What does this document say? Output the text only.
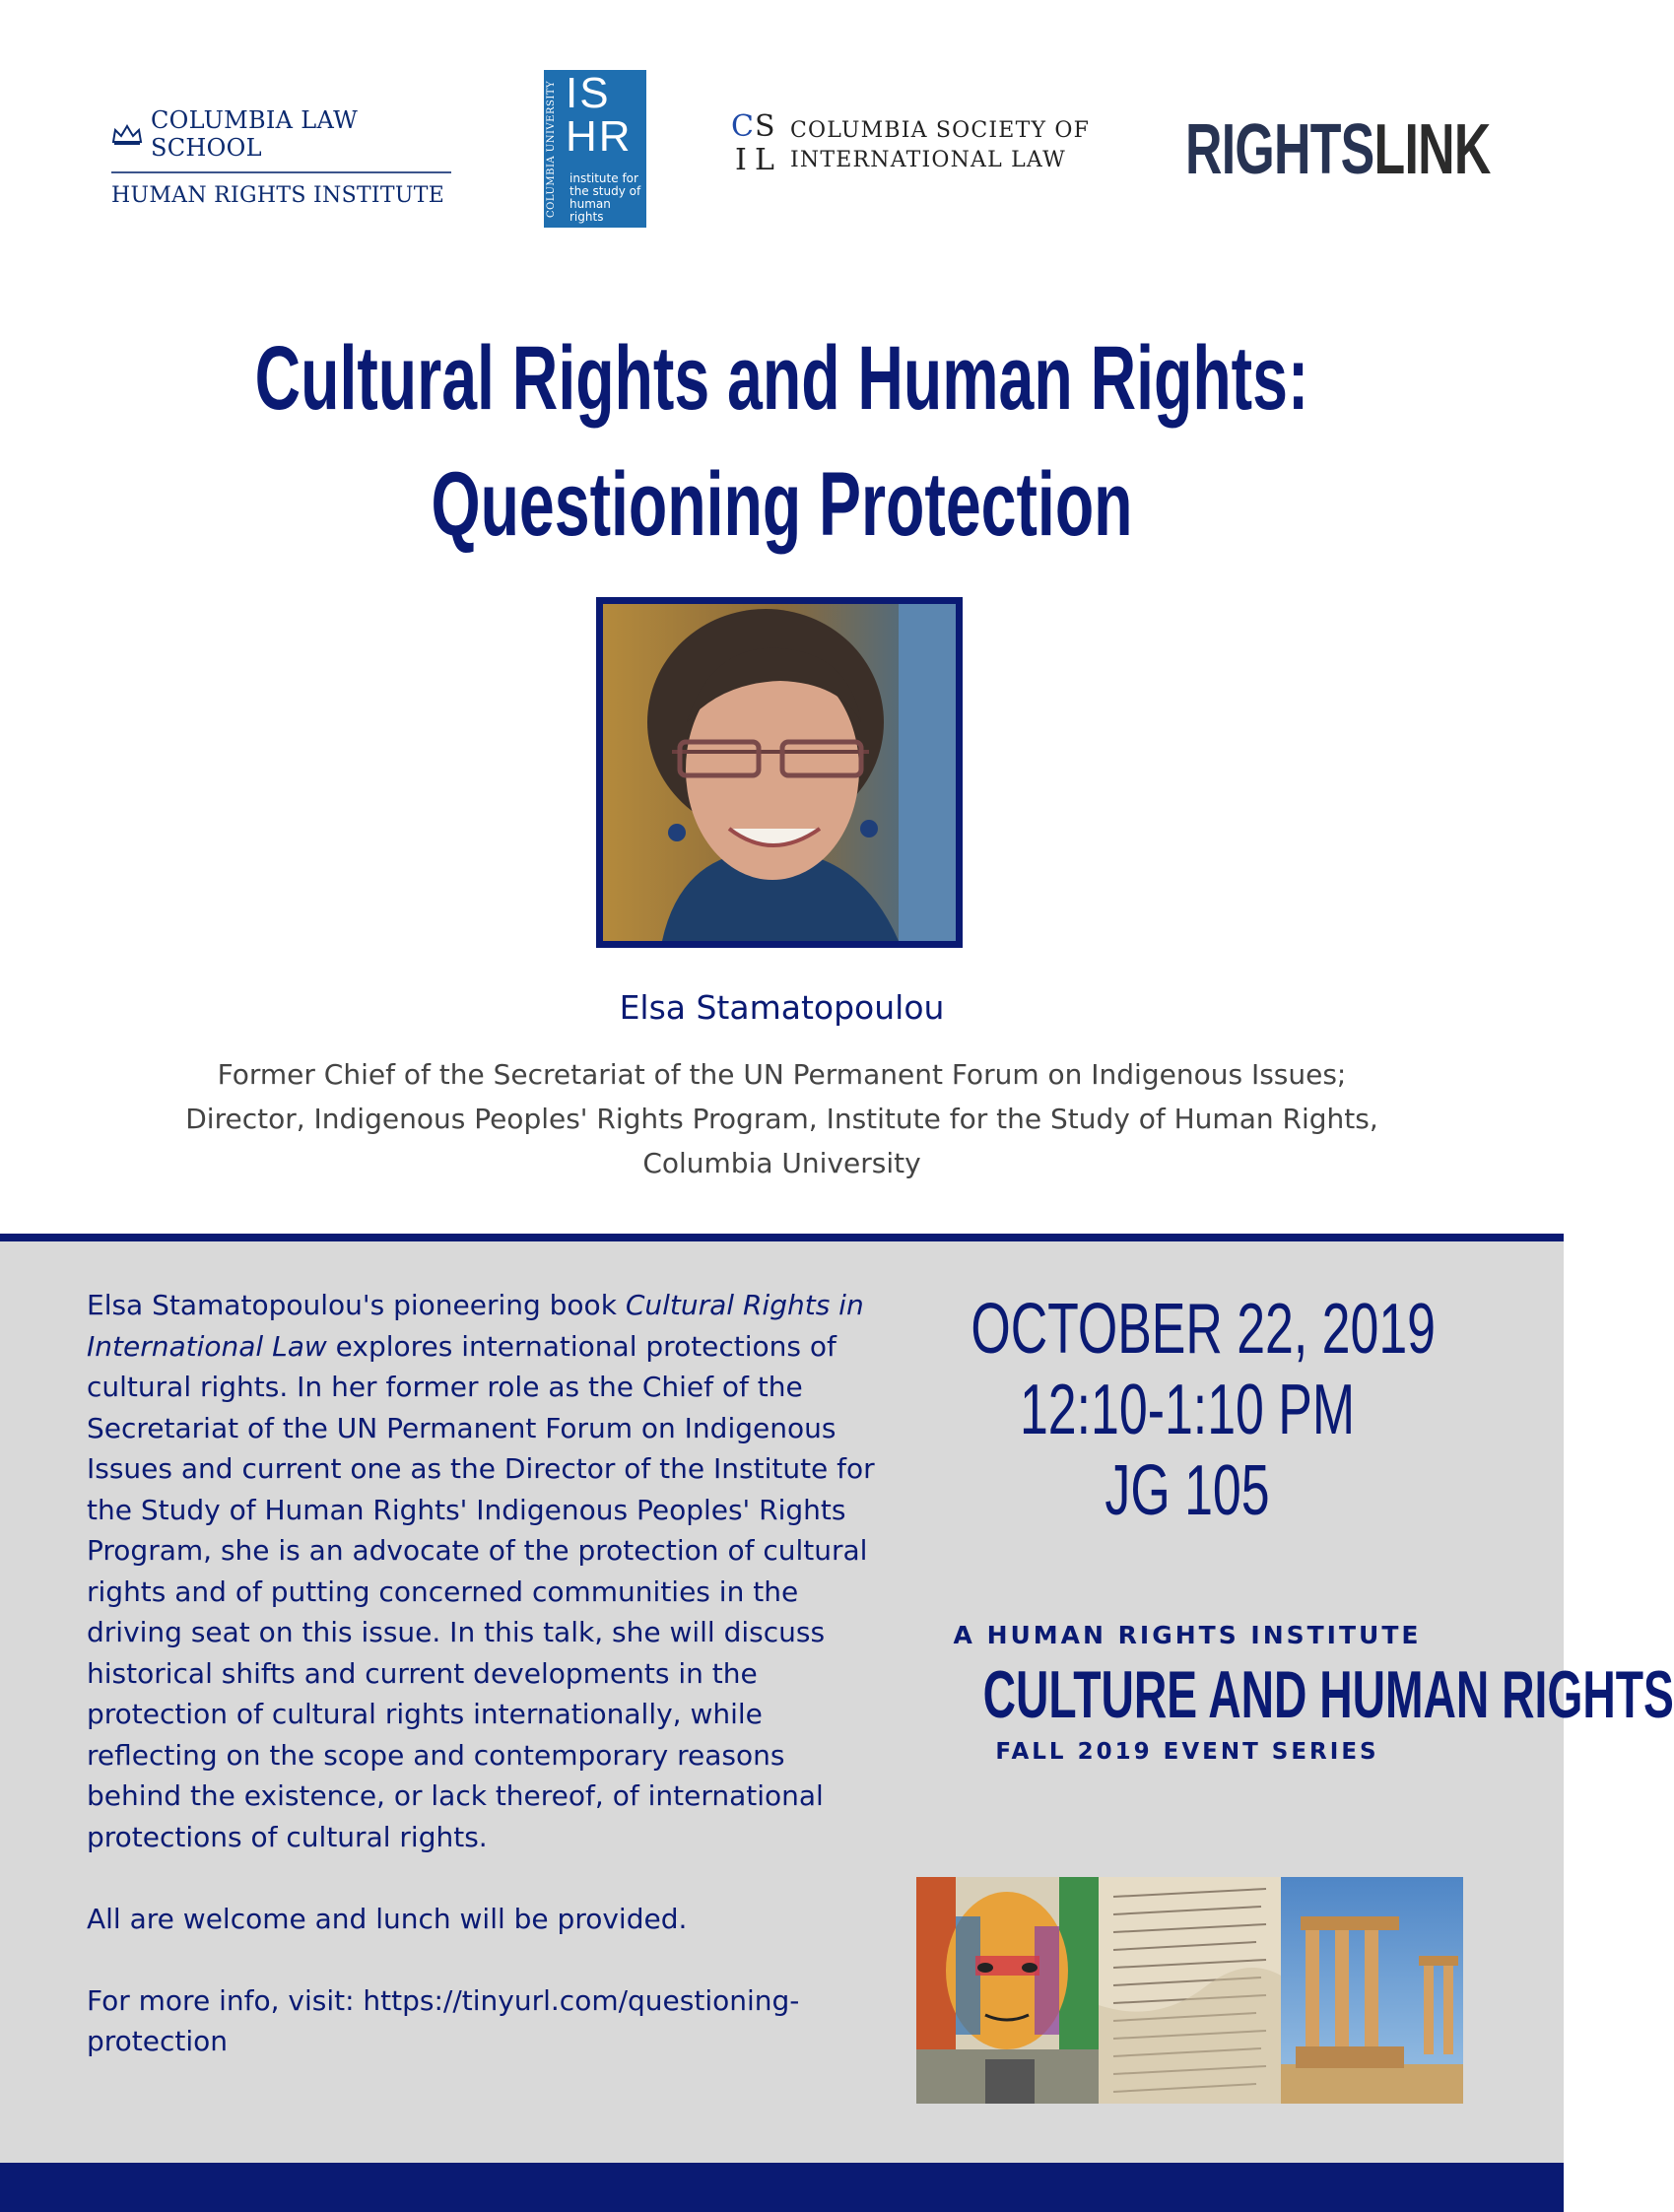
COLUMBIA LAW SCHOOL
HUMAN RIGHTS INSTITUTE	COLUMBIA UNIVERSITY IS
HR
institute for the study of human rights
C S
I L
COLUMBIA SOCIETY OF
INTERNATIONAL LAW	RIGHTSLINK
Cultural Rights and Human Rights:
Questioning Protection
Elsa Stamatopoulou
Former Chief of the Secretariat of the UN Permanent Forum on Indigenous Issues; Director, Indigenous Peoples' Rights Program, Institute for the Study of Human Rights, Columbia University

Elsa Stamatopoulou's pioneering book Cultural Rights in International Law explores international protections of cultural rights. In her former role as the Chief of the Secretariat of the UN Permanent Forum on Indigenous Issues and current one as the Director of the Institute for the Study of Human Rights' Indigenous Peoples' Rights Program, she is an advocate of the protection of cultural rights and of putting concerned communities in the driving seat on this issue. In this talk, she will discuss historical shifts and current developments in the protection of cultural rights internationally, while reflecting on the scope and contemporary reasons behind the existence, or lack thereof, of international protections of cultural rights.

All are welcome and lunch will be provided.

For more info, visit: https://tinyurl.com/questioning-protection

OCTOBER 22, 2019
12:10-1:10 PM
JG 105
A HUMAN RIGHTS INSTITUTE
CULTURE AND HUMAN RIGHTS
FALL 2019 EVENT SERIES
